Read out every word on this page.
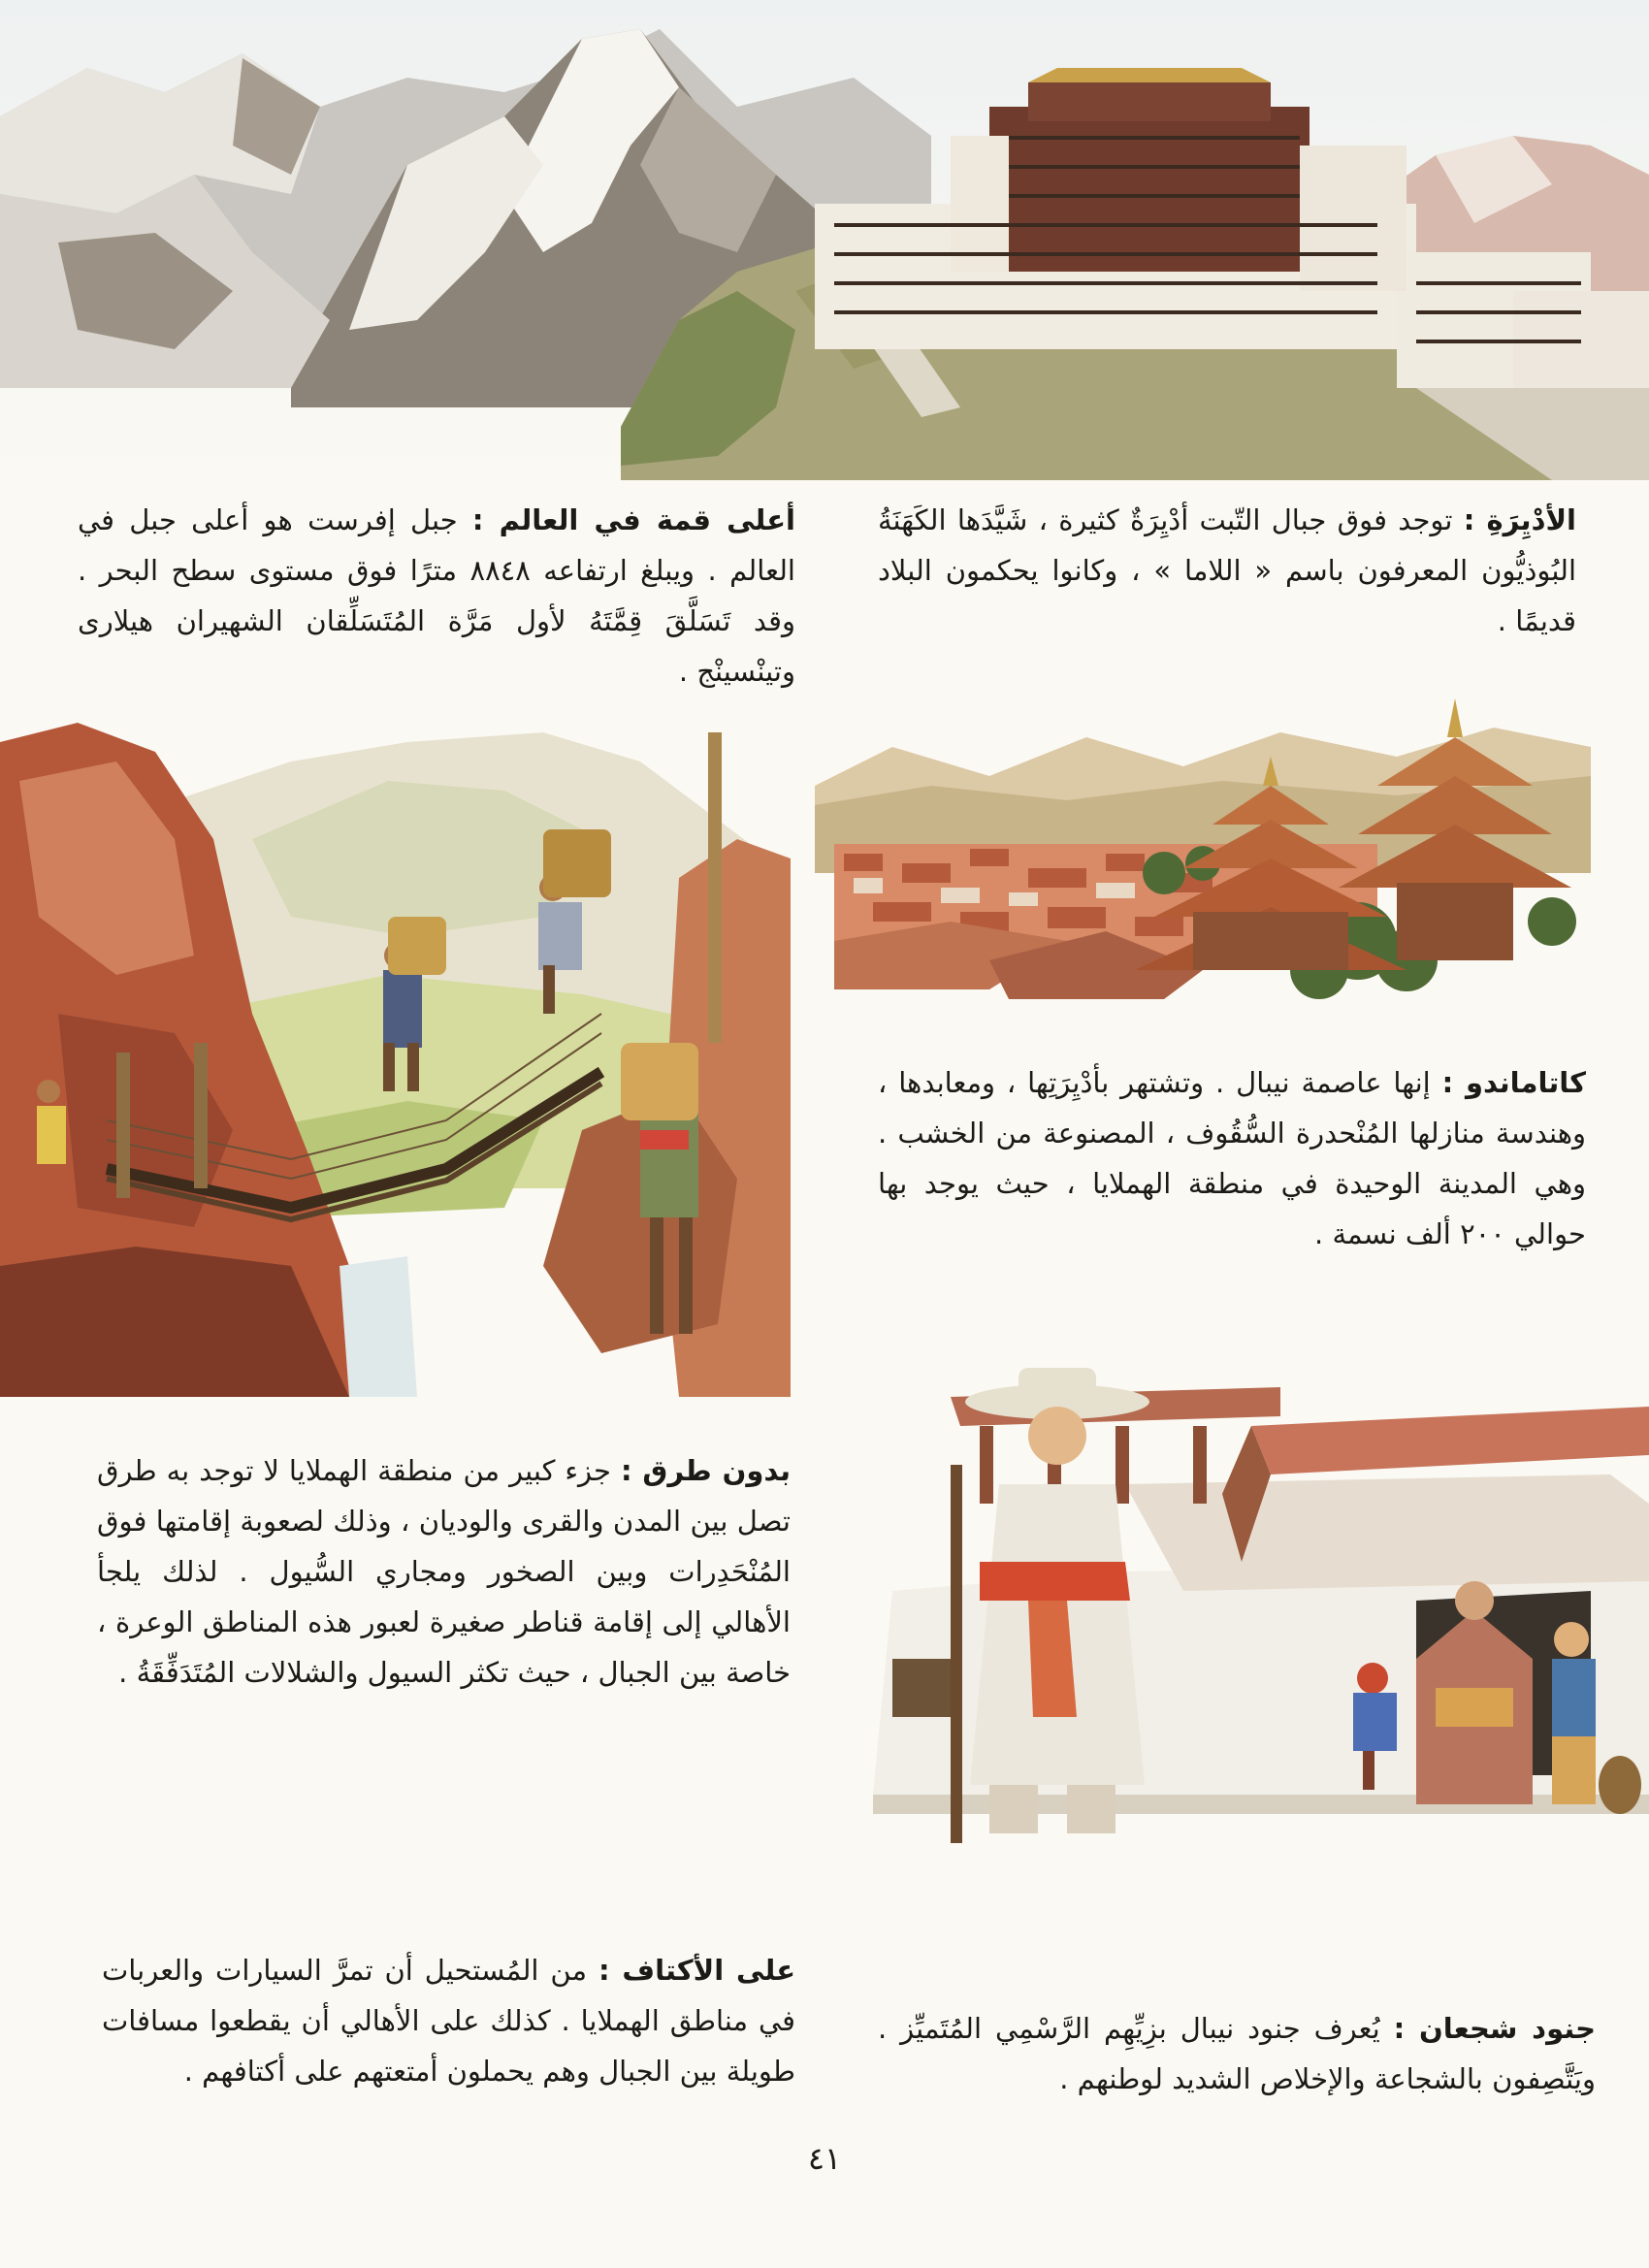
الأدْيِرَةِ : توجد فوق جبال التّبت أدْيِرَةٌ كثيرة ، شَيَّدَها الكَهَنَةُ البُوذيُّون المعرفون باسم « اللاما » ، وكانوا يحكمون البلاد قديمًا .
أعلى قمة في العالم : جبل إفرست هو أعلى جبل في العالم . ويبلغ ارتفاعه ٨٨٤٨ مترًا فوق مستوى سطح البحر . وقد تَسَلَّقَ قِمَّتَهُ لأول مَرَّة المُتَسَلِّقان الشهيران هيلارى وتينْسينْج .
كاتاماندو : إنها عاصمة نيبال . وتشتهر بأدْيِرَتِها ، ومعابدها ، وهندسة منازلها المُنْحدرة السُّقُوف ، المصنوعة من الخشب . وهي المدينة الوحيدة في منطقة الهملايا ، حيث يوجد بها حوالي ٢٠٠ ألف نسمة .
بدون طرق : جزء كبير من منطقة الهملايا لا توجد به طرق تصل بين المدن والقرى والوديان ، وذلك لصعوبة إقامتها فوق المُنْحَدِرات وبين الصخور ومجاري السُّيول . لذلك يلجأ الأهالي إلى إقامة قناطر صغيرة لعبور هذه المناطق الوعرة ، خاصة بين الجبال ، حيث تكثر السيول والشلالات المُتَدَفِّقَةُ .
جنود شجعان : يُعرف جنود نيبال بزِيِّهِم الرَّسْمِي المُتَميِّز . ويَتَّصِفون بالشجاعة والإخلاص الشديد لوطنهم .
على الأكتاف : من المُستحيل أن تمرَّ السيارات والعربات في مناطق الهملايا . كذلك على الأهالي أن يقطعوا مسافات طويلة بين الجبال وهم يحملون أمتعتهم على أكتافهم .
٤١
